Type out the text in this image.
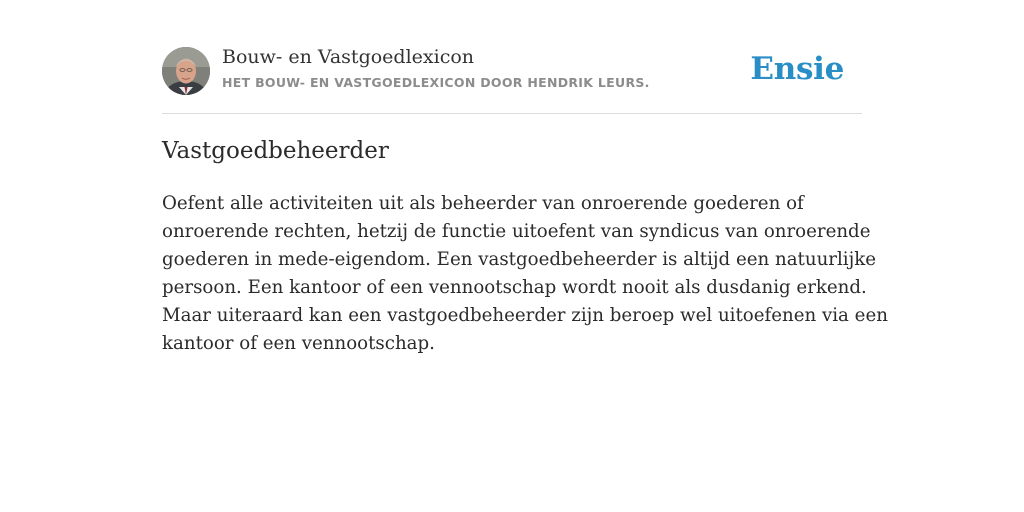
Bouw- en Vastgoedlexicon
HET BOUW- EN VASTGOEDLEXICON DOOR HENDRIK LEURS.	Ensie
Vastgoedbeheerder
Oefent alle activiteiten uit als beheerder van onroerende goederen of
onroerende rechten, hetzij de functie uitoefent van syndicus van onroerende
goederen in mede-eigendom. Een vastgoedbeheerder is altijd een natuurlijke
persoon. Een kantoor of een vennootschap wordt nooit als dusdanig erkend.
Maar uiteraard kan een vastgoedbeheerder zijn beroep wel uitoefenen via een
kantoor of een vennootschap.
